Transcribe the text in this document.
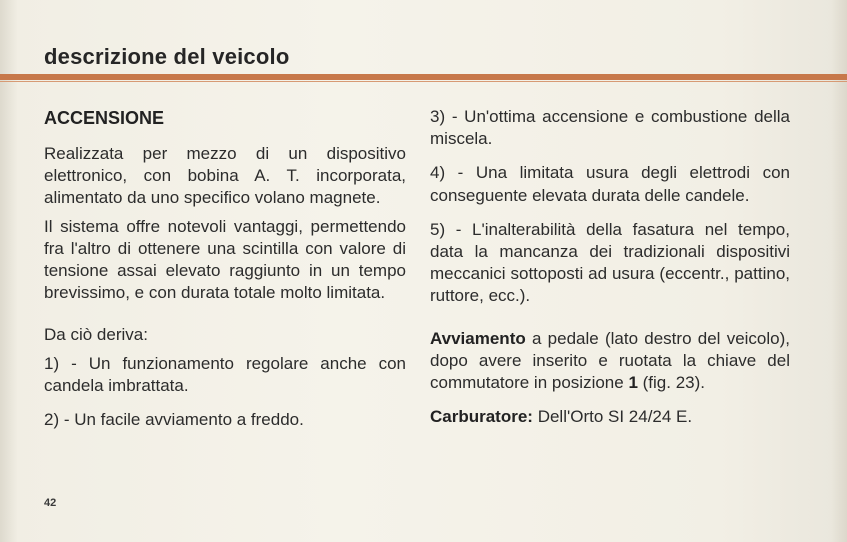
descrizione del veicolo
ACCENSIONE

Realizzata per mezzo di un dispositivo elettronico, con bobina A. T. incorporata, alimentato da uno specifico volano magnete.

Il sistema offre notevoli vantaggi, permettendo fra l'altro di ottenere una scintilla con valore di tensione assai elevato raggiunto in un tempo brevissimo, e con durata totale molto limitata.

Da ciò deriva:

1) - Un funzionamento regolare anche con candela imbrattata.

2) - Un facile avviamento a freddo.

3) - Un'ottima accensione e combustione della miscela.

4) - Una limitata usura degli elettrodi con conseguente elevata durata delle candele.

5) - L'inalterabilità della fasatura nel tempo, data la mancanza dei tradizionali dispositivi meccanici sottoposti ad usura (eccentr., pattino, ruttore, ecc.).

Avviamento a pedale (lato destro del veicolo), dopo avere inserito e ruotata la chiave del commutatore in posizione 1 (fig. 23).

Carburatore: Dell'Orto SI 24/24 E.

42
